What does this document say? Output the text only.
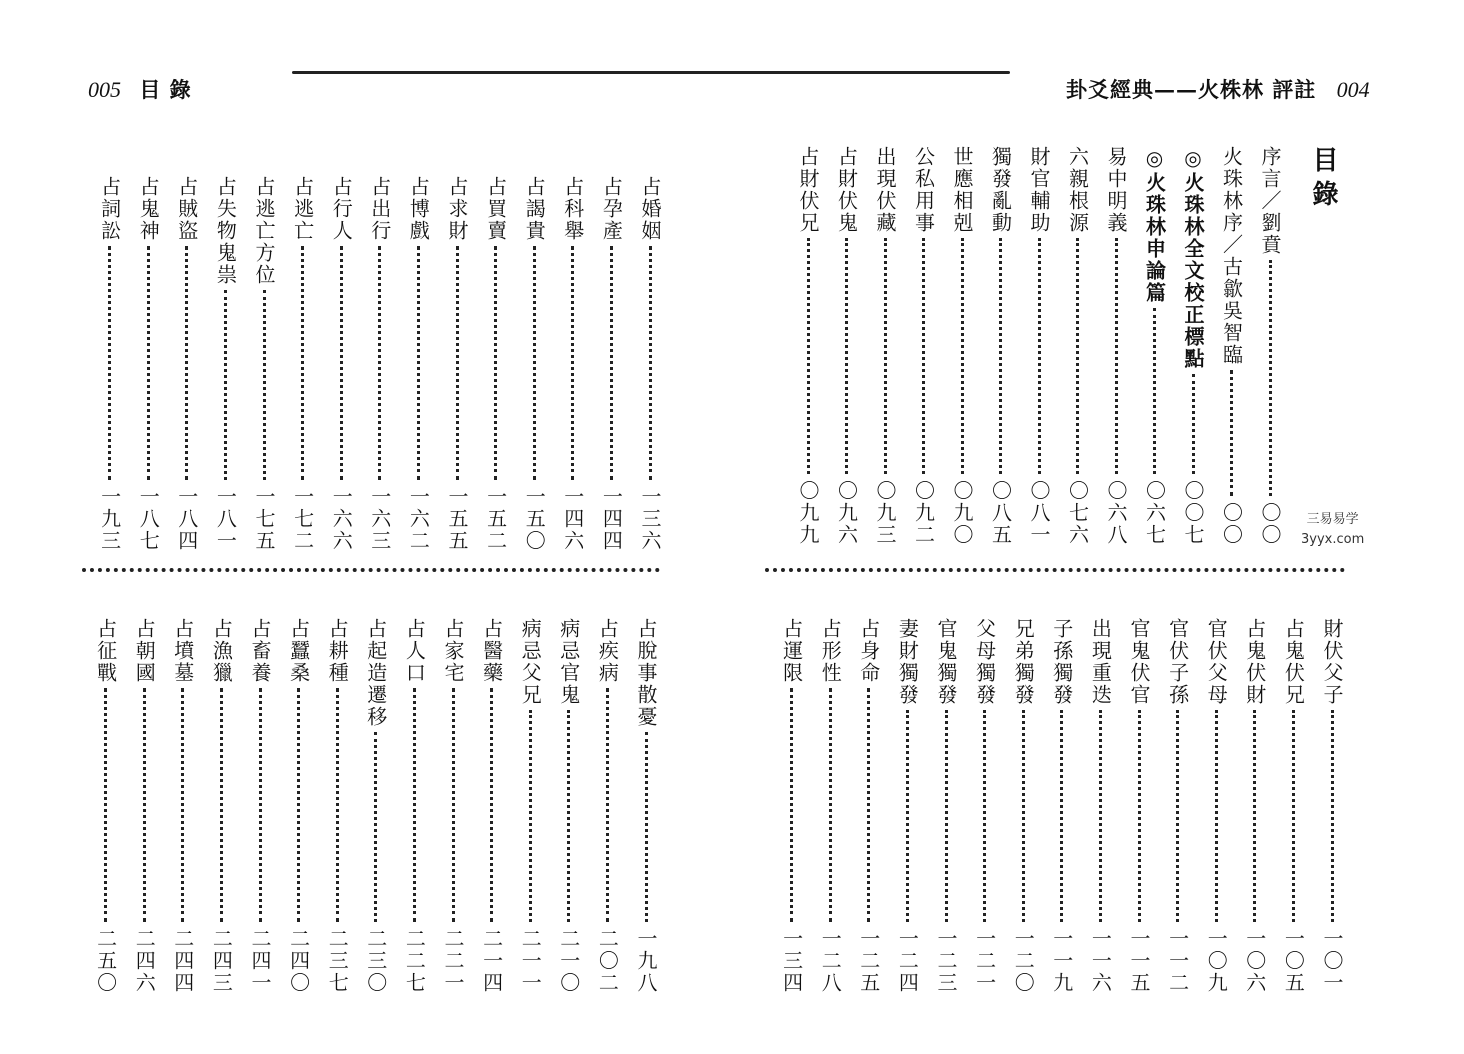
005 目 錄	卦爻經典——火株林 評註 004
目錄
占婚姻
一三六
占孕產
一四四
占科舉
一四六
占謁貴
一五〇
占買賣
一五二
占求財
一五五
占博戲
一六二
占出行
一六三
占行人
一六六
占逃亡
一七二
占逃亡方位
一七五
占失物鬼祟
一八一
占賊盜
一八四
占鬼神
一八七
占詞訟
一九三
占脫事散憂
一九八
占疾病
二〇二
病忌官鬼
二一〇
病忌父兄
二一一
占醫藥
二一四
占家宅
二二一
占人口
二二七
占起造遷移
二三〇
占耕種
二三七
占蠶桑
二四〇
占畜養
二四一
占漁獵
二四三
占墳墓
二四四
占朝國
二四六
占征戰
二五〇
序言／劉賁
〇〇
火珠林序／古歙吳智臨
〇〇
◎火珠林全文校正標點
〇〇七
◎火珠林申論篇
〇六七
易中明義
〇六八
六親根源
〇七六
財官輔助
〇八一
獨發亂動
〇八五
世應相剋
〇九〇
公私用事
〇九二
出現伏藏
〇九三
占財伏鬼
〇九六
占財伏兄
〇九九
財伏父子
一〇一
占鬼伏兄
一〇五
占鬼伏財
一〇六
官伏父母
一〇九
官伏子孫
一一二
官鬼伏官
一一五
出現重迭
一一六
子孫獨發
一一九
兄弟獨發
一二〇
父母獨發
一二一
官鬼獨發
一二三
妻財獨發
一二四
占身命
一二五
占形性
一二八
占運限
一三四
三易易学
3yyx.com
